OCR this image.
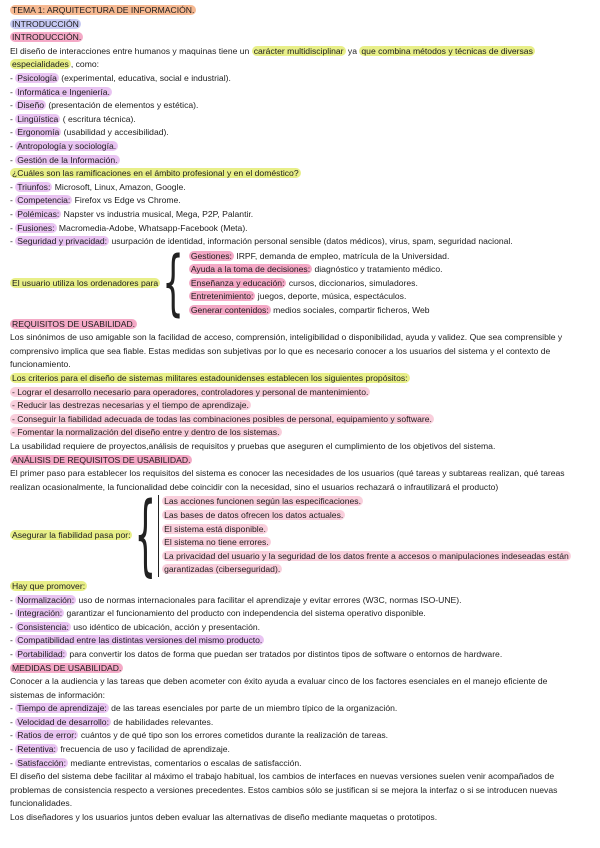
TEMA 1: ARQUITECTURA DE INFORMACIÓN.
INTRODUCCIÓN
INTRODUCCIÓN.
El diseño de interacciones entre humanos y maquinas tiene un carácter multidisciplinar ya que combina métodos y técnicas de diversas
especialidades , como:
- Psicología (experimental, educativa, social e industrial).
- Informática e Ingeniería.
- Diseño (presentación de elementos y estética).
- Lingüística ( escritura técnica).
- Ergonomía (usabilidad y accesibilidad).
- Antropología y sociología.
- Gestión de la Información.
¿Cuáles son las ramificaciones en el ámbito profesional y en el doméstico?
- Triunfos: Microsoft, Linux, Amazon, Google.
- Competencia: Firefox vs Edge vs Chrome.
- Polémicas: Napster vs industria musical, Mega, P2P, Palantir.
- Fusiones: Macromedia-Adobe, Whatsapp-Facebook (Meta).
- Seguridad y privacidad: usurpación de identidad, información personal sensible (datos médicos), virus, spam, seguridad nacional.
El usuario utiliza los ordenadores para { Gestiones: IRPF, demanda de empleo, matrícula de la Universidad.
Ayuda a la toma de decisiones: diagnóstico y tratamiento médico.
Enseñanza y educación: cursos, diccionarios, simuladores.
Entretenimiento: juegos, deporte, música, espectáculos.
Generar contenidos: medios sociales, compartir ficheros, Web
REQUISITOS DE USABILIDAD.
Los sinónimos de uso amigable son la facilidad de acceso, comprensión, inteligibilidad o disponibilidad, ayuda y validez. Que sea comprensible y
comprensivo implica que sea fiable. Estas medidas son subjetivas por lo que es necesario conocer a los usuarios del sistema y el contexto de
funcionamiento.
Los criterios para el diseño de sistemas militares estadounidenses establecen los siguientes propósitos:
- Lograr el desarrollo necesario para operadores, controladores y personal de mantenimiento.
- Reducir las destrezas necesarias y el tiempo de aprendizaje.
- Conseguir la fiabilidad adecuada de todas las combinaciones posibles de personal, equipamiento y software.
- Fomentar la normalización del diseño entre y dentro de los sistemas.
La usabilidad requiere de proyectos,análisis de requisitos y pruebas que aseguren el cumplimiento de los objetivos del sistema.
ANÁLISIS DE REQUISITOS DE USABILIDAD.
El primer paso para establecer los requisitos del sistema es conocer las necesidades de los usuarios (qué tareas y subtareas realizan, qué tareas
realizan ocasionalmente, la funcionalidad debe coincidir con la necesidad, sino el usuarios rechazará o infrautilizará el producto)
Asegurar la fiabilidad pasa por: { Las acciones funcionen según las especificaciones.
Las bases de datos ofrecen los datos actuales.
El sistema está disponible.
El sistema no tiene errores.
La privacidad del usuario y la seguridad de los datos frente a accesos o manipulaciones indeseadas están
garantizadas (ciberseguridad).
Hay que promover:
- Normalización: uso de normas internacionales para facilitar el aprendizaje y evitar errores (W3C, normas ISO-UNE).
- Integración: garantizar el funcionamiento del producto con independencia del sistema operativo disponible.
- Consistencia: uso idéntico de ubicación, acción y presentación.
- Compatibilidad entre las distintas versiones del mismo producto.
- Portabilidad: para convertir los datos de forma que puedan ser tratados por distintos tipos de software o entornos de hardware.
MEDIDAS DE USABILIDAD.
Conocer a la audiencia y las tareas que deben acometer con éxito ayuda a evaluar cinco de los factores esenciales en el manejo eficiente de
sistemas de información:
- Tiempo de aprendizaje: de las tareas esenciales por parte de un miembro típico de la organización.
- Velocidad de desarrollo: de habilidades relevantes.
- Ratios de error: cuántos y de qué tipo son los errores cometidos durante la realización de tareas.
- Retentiva: frecuencia de uso y facilidad de aprendizaje.
- Satisfacción: mediante entrevistas, comentarios o escalas de satisfacción.
El diseño del sistema debe facilitar al máximo el trabajo habitual, los cambios de interfaces en nuevas versiones suelen venir acompañados de
problemas de consistencia respecto a versiones precedentes. Estos cambios sólo se justifican si se mejora la interfaz o si se introducen nuevas
funcionalidades.
Los diseñadores y los usuarios juntos deben evaluar las alternativas de diseño mediante maquetas o prototipos.
